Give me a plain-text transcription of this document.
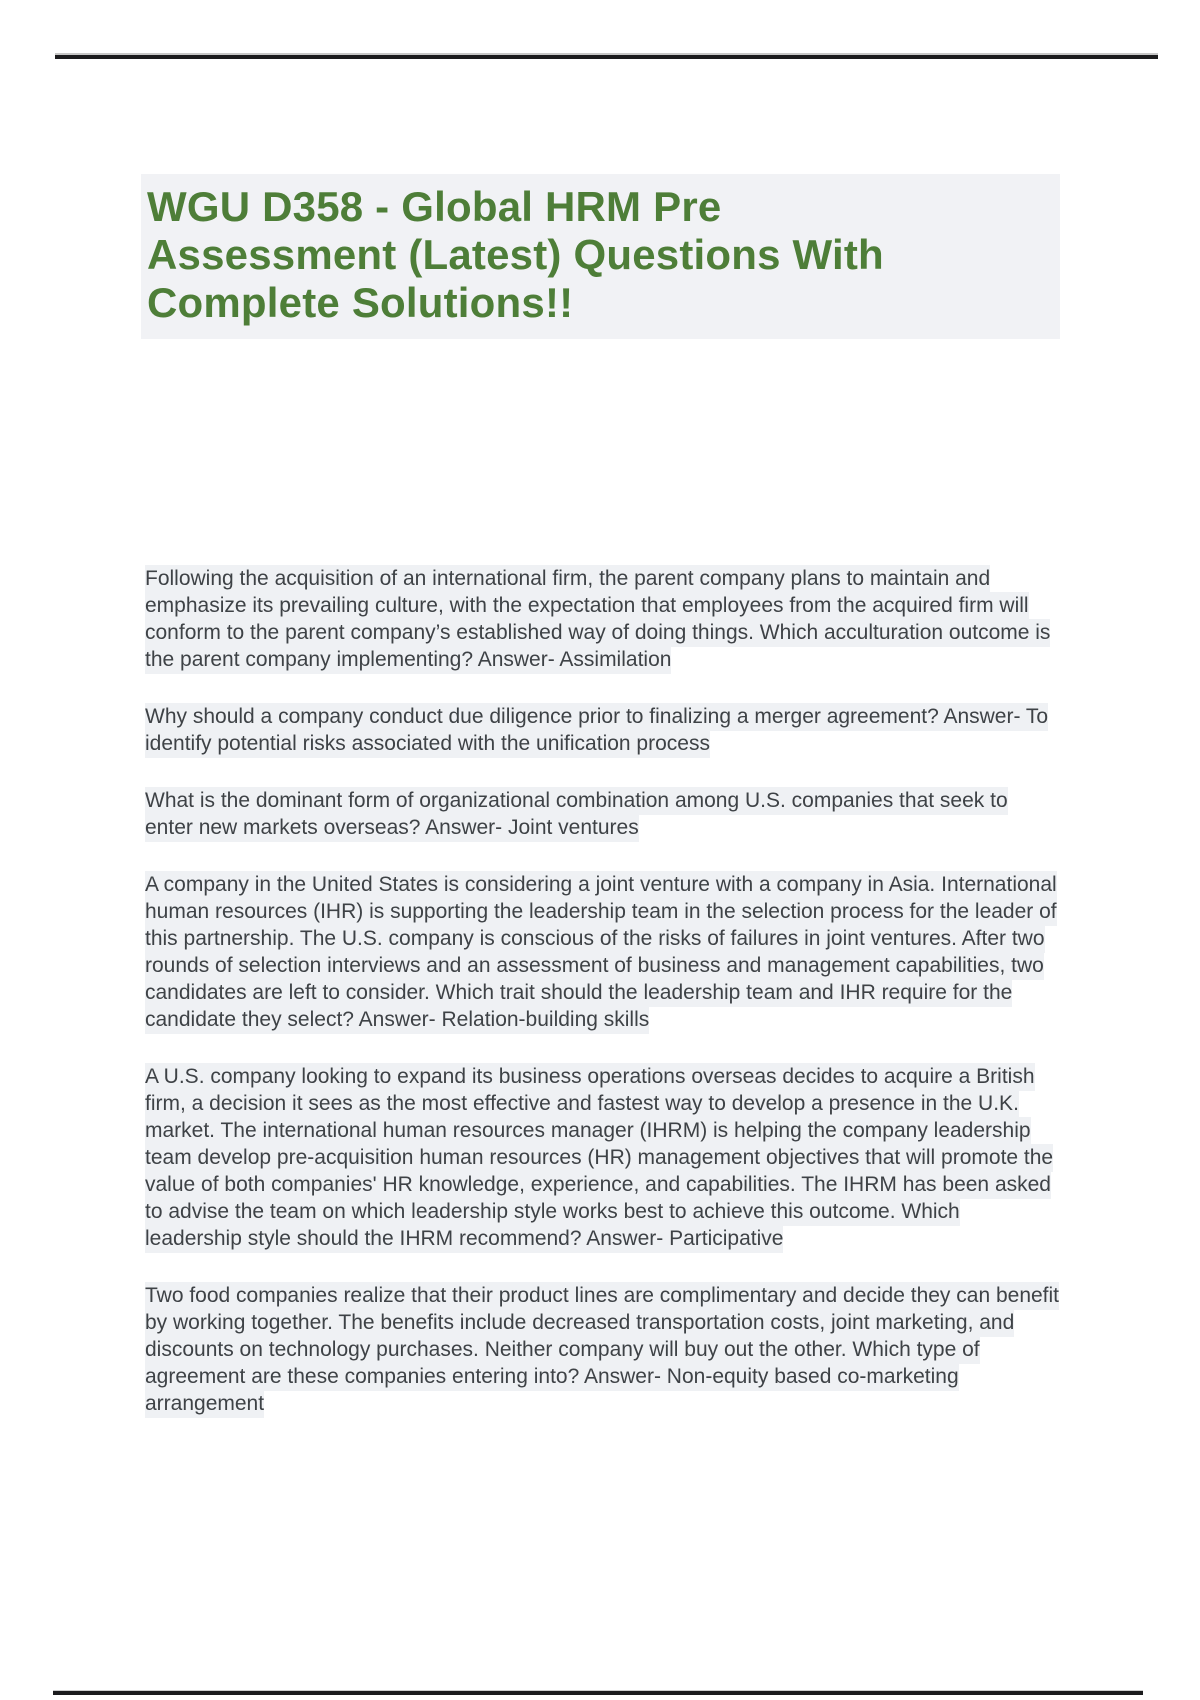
WGU D358 - Global HRM Pre
Assessment (Latest) Questions With
Complete Solutions!!

Following the acquisition of an international firm, the parent company plans to maintain and emphasize its prevailing culture, with the expectation that employees from the acquired firm will conform to the parent company’s established way of doing things. Which acculturation outcome is the parent company implementing? Answer- Assimilation

Why should a company conduct due diligence prior to finalizing a merger agreement? Answer- To identify potential risks associated with the unification process

What is the dominant form of organizational combination among U.S. companies that seek to enter new markets overseas? Answer- Joint ventures

A company in the United States is considering a joint venture with a company in Asia. International human resources (IHR) is supporting the leadership team in the selection process for the leader of this partnership. The U.S. company is conscious of the risks of failures in joint ventures. After two rounds of selection interviews and an assessment of business and management capabilities, two candidates are left to consider. Which trait should the leadership team and IHR require for the candidate they select? Answer- Relation-building skills

A U.S. company looking to expand its business operations overseas decides to acquire a British firm, a decision it sees as the most effective and fastest way to develop a presence in the U.K. market. The international human resources manager (IHRM) is helping the company leadership team develop pre-acquisition human resources (HR) management objectives that will promote the value of both companies' HR knowledge, experience, and capabilities. The IHRM has been asked to advise the team on which leadership style works best to achieve this outcome. Which leadership style should the IHRM recommend? Answer- Participative

Two food companies realize that their product lines are complimentary and decide they can benefit by working together. The benefits include decreased transportation costs, joint marketing, and discounts on technology purchases. Neither company will buy out the other. Which type of agreement are these companies entering into? Answer- Non-equity based co-marketing arrangement
